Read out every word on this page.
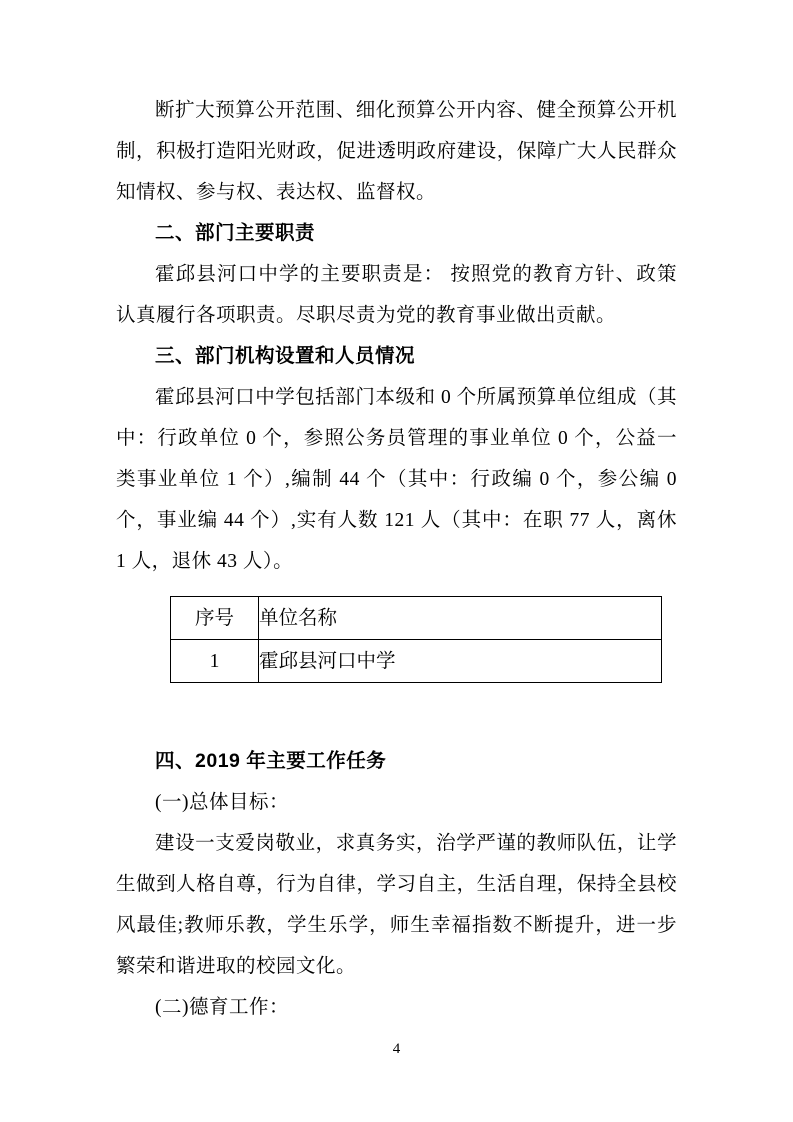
断扩大预算公开范围、细化预算公开内容、健全预算公开机制，积极打造阳光财政，促进透明政府建设，保障广大人民群众知情权、参与权、表达权、监督权。

二、部门主要职责

霍邱县河口中学的主要职责是： 按照党的教育方针、政策认真履行各项职责。尽职尽责为党的教育事业做出贡献。

三、部门机构设置和人员情况

霍邱县河口中学包括部门本级和 0 个所属预算单位组成（其中：行政单位 0 个，参照公务员管理的事业单位 0 个，公益一类事业单位 1 个）,编制 44 个（其中：行政编 0 个，参公编 0 个，事业编 44 个）,实有人数 121 人（其中：在职 77 人，离休 1 人，退休 43 人）。

序号	单位名称
1	霍邱县河口中学

四、2019 年主要工作任务

(一)总体目标：

建设一支爱岗敬业，求真务实，治学严谨的教师队伍，让学生做到人格自尊，行为自律，学习自主，生活自理，保持全县校风最佳;教师乐教，学生乐学，师生幸福指数不断提升，进一步繁荣和谐进取的校园文化。

(二)德育工作：

4
